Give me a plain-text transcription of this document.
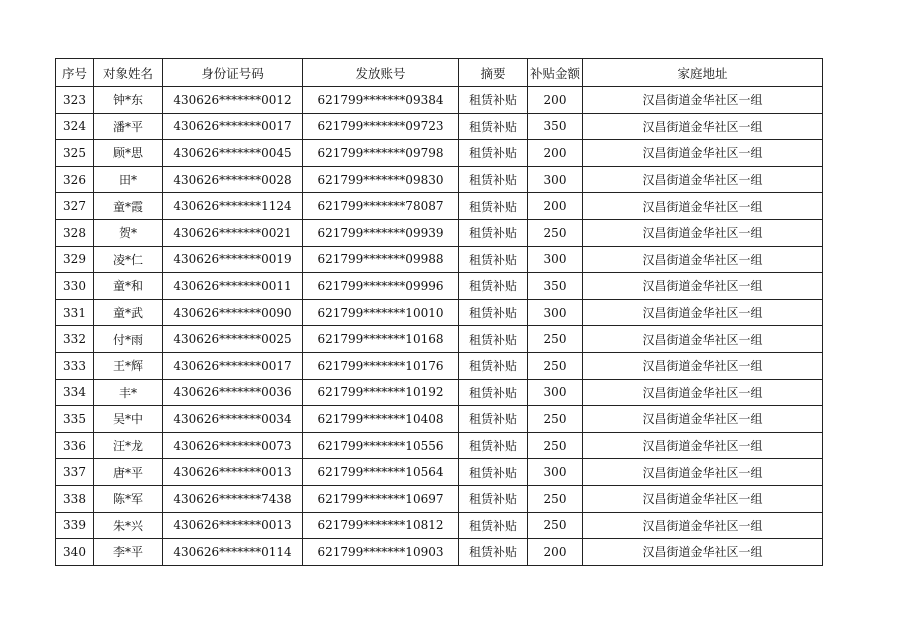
序号	对象姓名	身份证号码	发放账号	摘要	补贴金额	家庭地址
323	钟*东	430626*******0012	621799*******09384	租赁补贴	200	汉昌街道金华社区一组
324	潘*平	430626*******0017	621799*******09723	租赁补贴	350	汉昌街道金华社区一组
325	顾*思	430626*******0045	621799*******09798	租赁补贴	200	汉昌街道金华社区一组
326	田*	430626*******0028	621799*******09830	租赁补贴	300	汉昌街道金华社区一组
327	童*霞	430626*******1124	621799*******78087	租赁补贴	200	汉昌街道金华社区一组
328	贺*	430626*******0021	621799*******09939	租赁补贴	250	汉昌街道金华社区一组
329	凌*仁	430626*******0019	621799*******09988	租赁补贴	300	汉昌街道金华社区一组
330	童*和	430626*******0011	621799*******09996	租赁补贴	350	汉昌街道金华社区一组
331	童*武	430626*******0090	621799*******10010	租赁补贴	300	汉昌街道金华社区一组
332	付*雨	430626*******0025	621799*******10168	租赁补贴	250	汉昌街道金华社区一组
333	王*辉	430626*******0017	621799*******10176	租赁补贴	250	汉昌街道金华社区一组
334	丰*	430626*******0036	621799*******10192	租赁补贴	300	汉昌街道金华社区一组
335	吴*中	430626*******0034	621799*******10408	租赁补贴	250	汉昌街道金华社区一组
336	汪*龙	430626*******0073	621799*******10556	租赁补贴	250	汉昌街道金华社区一组
337	唐*平	430626*******0013	621799*******10564	租赁补贴	300	汉昌街道金华社区一组
338	陈*军	430626*******7438	621799*******10697	租赁补贴	250	汉昌街道金华社区一组
339	朱*兴	430626*******0013	621799*******10812	租赁补贴	250	汉昌街道金华社区一组
340	李*平	430626*******0114	621799*******10903	租赁补贴	200	汉昌街道金华社区一组
